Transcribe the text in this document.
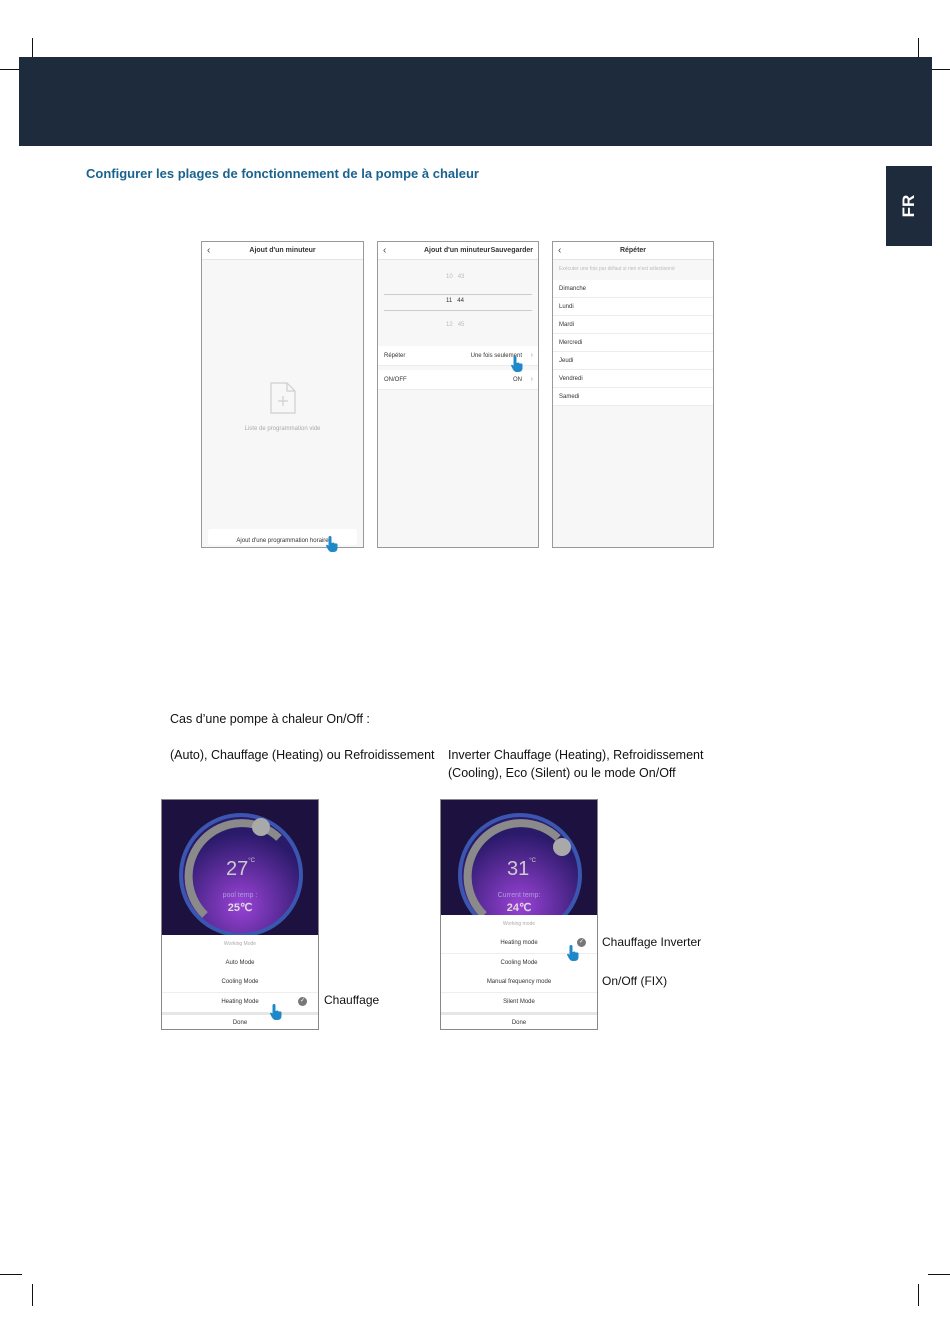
FR
Configurer les plages de fonctionnement de la pompe à chaleur
‹	Ajout d'un minuteur
Liste de programmation vide
Ajout d'une programmation horaire
‹	Ajout d'un minuteur Sauvegarder
10 43
11 44
12 45
Répéter	Une fois seulement ›
ON/OFF	ON ›
‹	Répéter
Exécuter une fois par défaut si rien n'est sélectionné
Dimanche
Lundi
Mardi
Mercredi
Jeudi
Vendredi
Samedi
Cas d’une pompe à chaleur On/Off :
(Auto), Chauffage (Heating) ou Refroidissement Inverter Chauffage (Heating), Refroidissement
(Cooling), Eco (Silent) ou le mode On/Off
$27^{^\circ C}$
pool temp :
25℃
Working Mode
Auto Mode
Cooling Mode
Heating Mode
Done
✓ Chauffage
$31^{^\circ C}$
Current temp:
24℃
Working mode
Heating mode
Cooling Mode
Manual frequency mode
Silent Mode
Done
✓ Chauffage Inverter
On/Off (FIX)
